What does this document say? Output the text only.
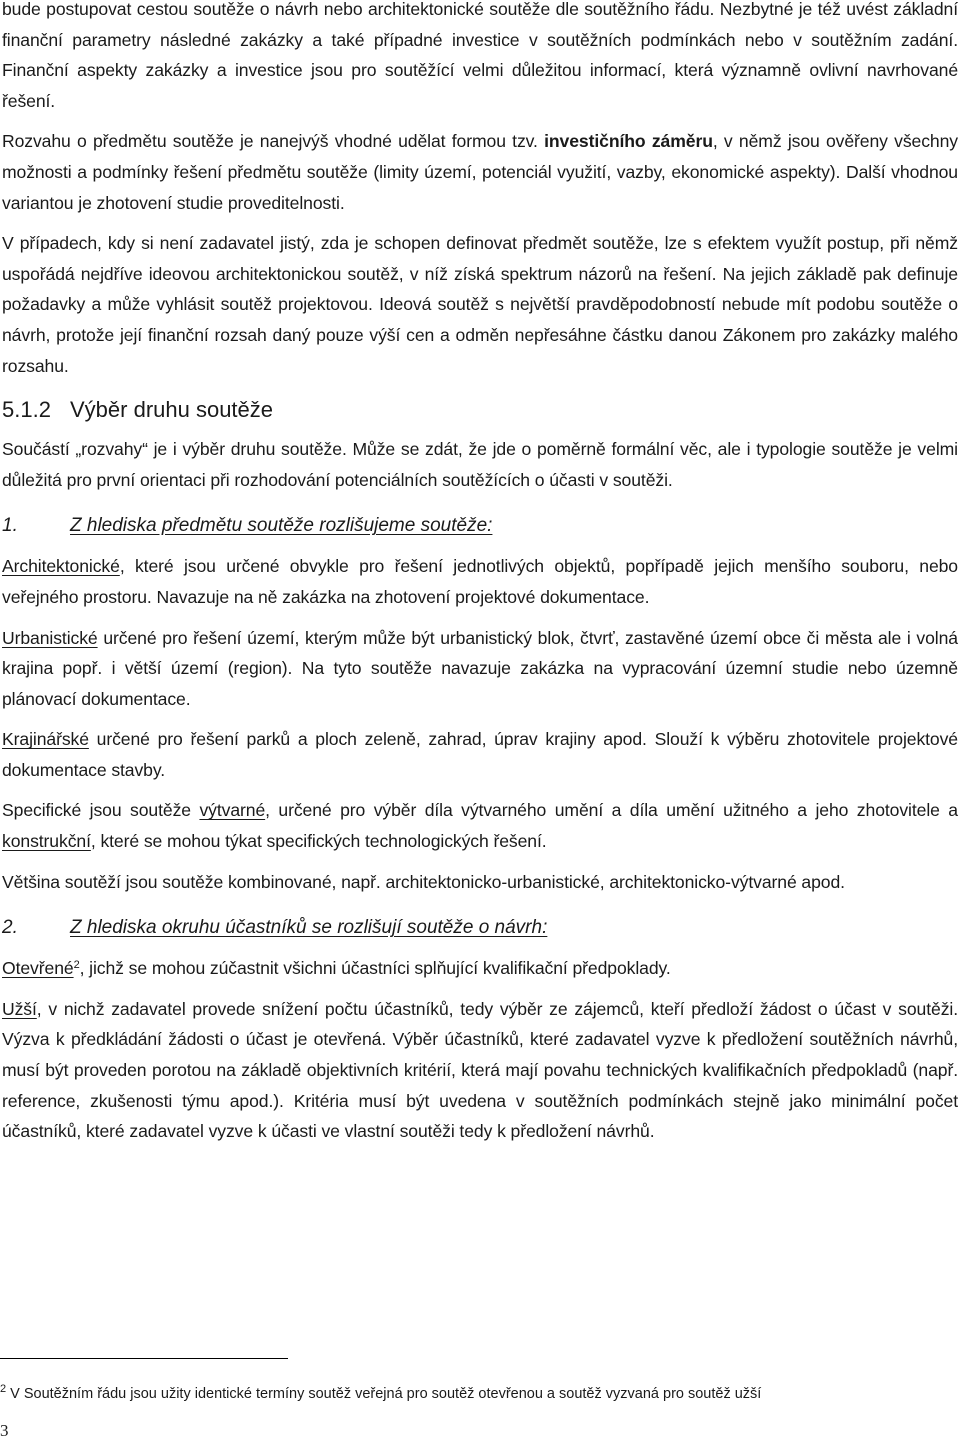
bude postupovat cestou soutěže o návrh nebo architektonické soutěže dle soutěžního řádu. Nezbytné je též uvést základní finanční parametry následné zakázky a také případné investice v soutěžních podmínkách nebo v soutěžním zadání. Finanční aspekty zakázky a investice jsou pro soutěžící velmi důležitou informací, která významně ovlivní navrhované řešení.

Rozvahu o předmětu soutěže je nanejvýš vhodné udělat formou tzv. investičního záměru, v němž jsou ověřeny všechny možnosti a podmínky řešení předmětu soutěže (limity území, potenciál využití, vazby, ekonomické aspekty). Další vhodnou variantou je zhotovení studie proveditelnosti.

V případech, kdy si není zadavatel jistý, zda je schopen definovat předmět soutěže, lze s efektem využít postup, při němž uspořádá nejdříve ideovou architektonickou soutěž, v níž získá spektrum názorů na řešení. Na jejich základě pak definuje požadavky a může vyhlásit soutěž projektovou. Ideová soutěž s největší pravděpodobností nebude mít podobu soutěže o návrh, protože její finanční rozsah daný pouze výší cen a odměn nepřesáhne částku danou Zákonem pro zakázky malého rozsahu.

5.1.2 Výběr druhu soutěže

Součástí „rozvahy“ je i výběr druhu soutěže. Může se zdát, že jde o poměrně formální věc, ale i typologie soutěže je velmi důležitá pro první orientaci při rozhodování potenciálních soutěžících o účasti v soutěži.

1.	Z hlediska předmětu soutěže rozlišujeme soutěže:

Architektonické, které jsou určené obvykle pro řešení jednotlivých objektů, popřípadě jejich menšího souboru, nebo veřejného prostoru. Navazuje na ně zakázka na zhotovení projektové dokumentace.

Urbanistické určené pro řešení území, kterým může být urbanistický blok, čtvrť, zastavěné území obce či města ale i volná krajina popř. i větší území (region). Na tyto soutěže navazuje zakázka na vypracování územní studie nebo územně plánovací dokumentace.

Krajinářské určené pro řešení parků a ploch zeleně, zahrad, úprav krajiny apod. Slouží k výběru zhotovitele projektové dokumentace stavby.

Specifické jsou soutěže výtvarné, určené pro výběr díla výtvarného umění a díla umění užitného a jeho zhotovitele a konstrukční, které se mohou týkat specifických technologických řešení.

Většina soutěží jsou soutěže kombinované, např. architektonicko-urbanistické, architektonicko-výtvarné apod.

2.	Z hlediska okruhu účastníků se rozlišují soutěže o návrh:

Otevřené$^2$, jichž se mohou zúčastnit všichni účastníci splňující kvalifikační předpoklady.

Užší, v nichž zadavatel provede snížení počtu účastníků, tedy výběr ze zájemců, kteří předloží žádost o účast v soutěži. Výzva k předkládání žádosti o účast je otevřená. Výběr účastníků, které zadavatel vyzve k předložení soutěžních návrhů, musí být proveden porotou na základě objektivních kritérií, která mají povahu technických kvalifikačních předpokladů (např. reference, zkušenosti týmu apod.). Kritéria musí být uvedena v soutěžních podmínkách stejně jako minimální počet účastníků, které zadavatel vyzve k účasti ve vlastní soutěži tedy k předložení návrhů.

$^2$ V Soutěžním řádu jsou užity identické termíny soutěž veřejná pro soutěž otevřenou a soutěž vyzvaná pro soutěž užší
3
